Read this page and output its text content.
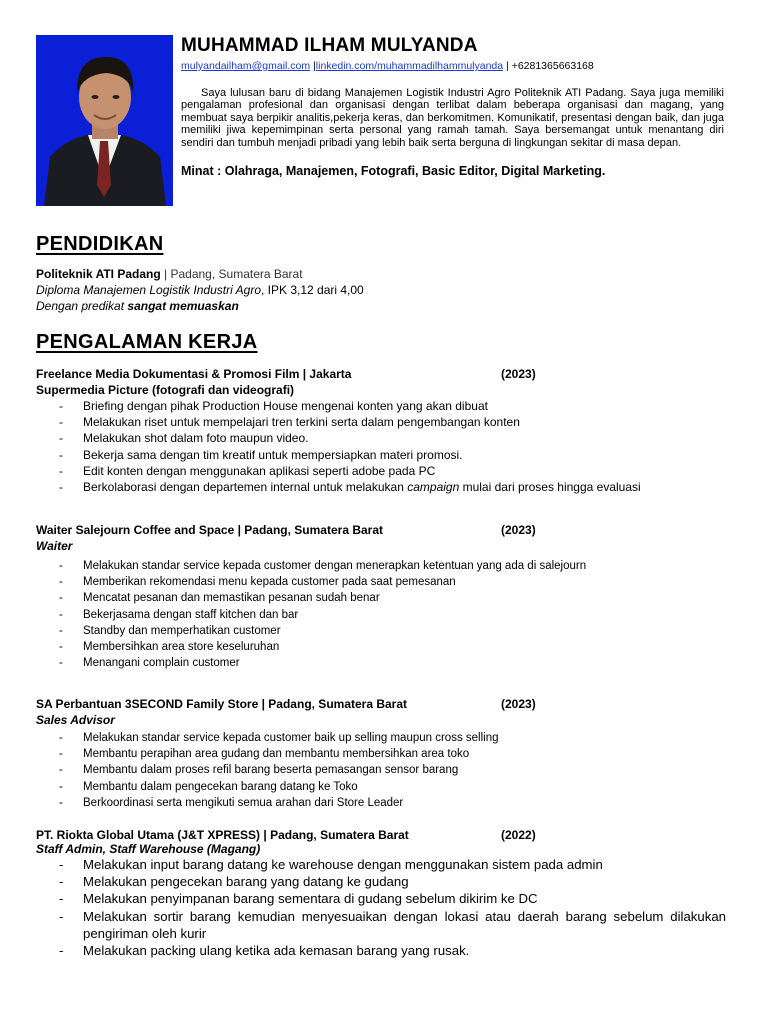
MUHAMMAD ILHAM MULYANDA
mulyandailham@gmail.com |linkedin.com/muhammadilhammulyanda | +6281365663168
Saya lulusan baru di bidang Manajemen Logistik Industri Agro Politeknik ATI Padang. Saya juga memiliki pengalaman profesional dan organisasi dengan terlibat dalam beberapa organisasi dan magang, yang membuat saya berpikir analitis,pekerja keras, dan berkomitmen. Komunikatif, presentasi dengan baik, dan juga memiliki jiwa kepemimpinan serta personal yang ramah tamah. Saya bersemangat untuk menantang diri sendiri dan tumbuh menjadi pribadi yang lebih baik serta berguna di lingkungan sekitar di masa depan.
Minat : Olahraga, Manajemen, Fotografi, Basic Editor, Digital Marketing.
PENDIDIKAN
Politeknik ATI Padang | Padang, Sumatera Barat
Diploma Manajemen Logistik Industri Agro, IPK 3,12 dari 4,00
Dengan predikat sangat memuaskan
PENGALAMAN KERJA
Freelance Media Dokumentasi & Promosi Film | Jakarta	(2023)
Supermedia Picture (fotografi dan videografi)
- Briefing dengan pihak Production House mengenai konten yang akan dibuat
- Melakukan riset untuk mempelajari tren terkini serta dalam pengembangan konten
- Melakukan shot dalam foto maupun video.
- Bekerja sama dengan tim kreatif untuk mempersiapkan materi promosi.
- Edit konten dengan menggunakan aplikasi seperti adobe pada PC
- Berkolaborasi dengan departemen internal untuk melakukan campaign mulai dari proses hingga evaluasi
Waiter Salejourn Coffee and Space | Padang, Sumatera Barat	(2023)
Waiter
- Melakukan standar service kepada customer dengan menerapkan ketentuan yang ada di salejourn
- Memberikan rekomendasi menu kepada customer pada saat pemesanan
- Mencatat pesanan dan memastikan pesanan sudah benar
- Bekerjasama dengan staff kitchen dan bar
- Standby dan memperhatikan customer
- Membersihkan area store keseluruhan
- Menangani complain customer
SA Perbantuan 3SECOND Family Store | Padang, Sumatera Barat	(2023)
Sales Advisor
- Melakukan standar service kepada customer baik up selling maupun cross selling
- Membantu perapihan area gudang dan membantu membersihkan area toko
- Membantu dalam proses refil barang beserta pemasangan sensor barang
- Membantu dalam pengecekan barang datang ke Toko
- Berkoordinasi serta mengikuti semua arahan dari Store Leader
PT. Riokta Global Utama (J&T XPRESS) | Padang, Sumatera Barat	(2022)
Staff Admin, Staff Warehouse (Magang)
- Melakukan input barang datang ke warehouse dengan menggunakan sistem pada admin
- Melakukan pengecekan barang yang datang ke gudang
- Melakukan penyimpanan barang sementara di gudang sebelum dikirim ke DC
- Melakukan sortir barang kemudian menyesuaikan dengan lokasi atau daerah barang sebelum dilakukan pengiriman oleh kurir
- Melakukan packing ulang ketika ada kemasan barang yang rusak.
